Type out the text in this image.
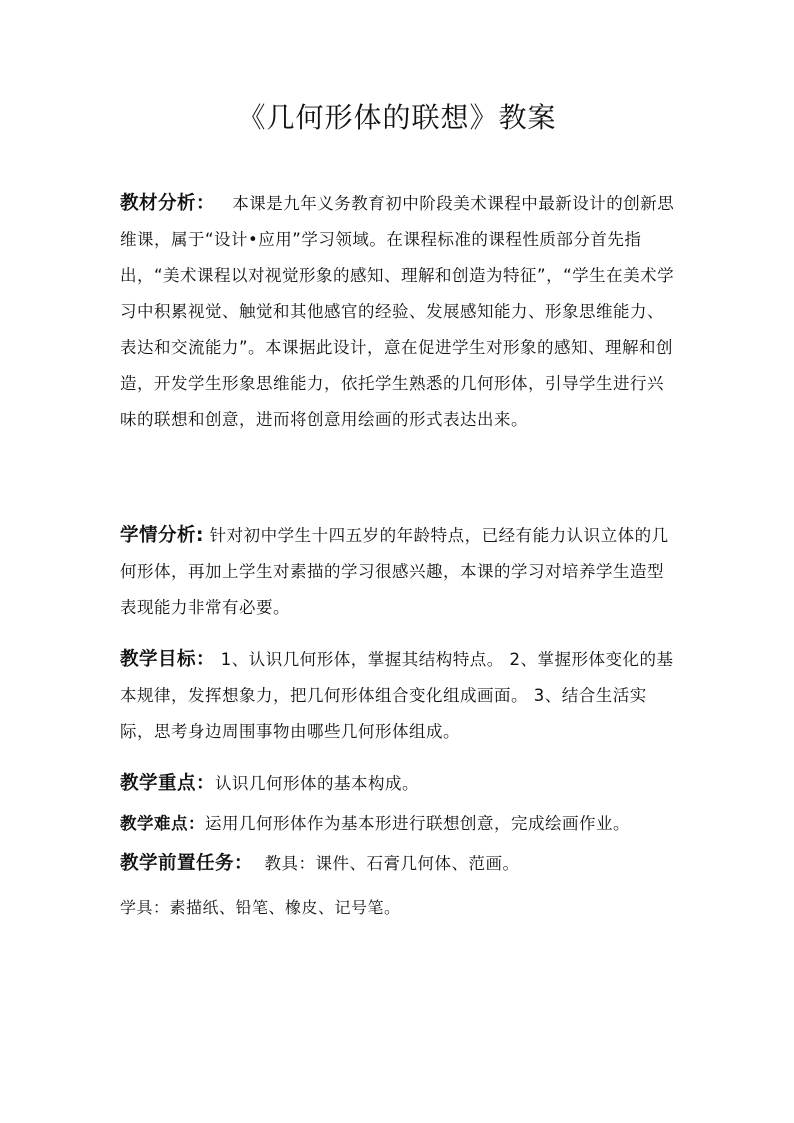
《几何形体的联想》教案

教材分析： 本课是九年义务教育初中阶段美术课程中最新设计的创新思维课，属于“设计•应用”学习领域。在课程标准的课程性质部分首先指出，“美术课程以对视觉形象的感知、理解和创造为特征”，“学生在美术学习中积累视觉、触觉和其他感官的经验、发展感知能力、形象思维能力、表达和交流能力”。本课据此设计，意在促进学生对形象的感知、理解和创造，开发学生形象思维能力，依托学生熟悉的几何形体，引导学生进行兴味的联想和创意，进而将创意用绘画的形式表达出来。

学情分析: 针对初中学生十四五岁的年龄特点，已经有能力认识立体的几何形体，再加上学生对素描的学习很感兴趣，本课的学习对培养学生造型表现能力非常有必要。

教学目标： 1、认识几何形体，掌握其结构特点。 2、掌握形体变化的基本规律，发挥想象力，把几何形体组合变化组成画面。 3、结合生活实际，思考身边周围事物由哪些几何形体组成。

教学重点：认识几何形体的基本构成。

教学难点：运用几何形体作为基本形进行联想创意，完成绘画作业。

教学前置任务： 教具：课件、石膏几何体、范画。

学具：素描纸、铅笔、橡皮、记号笔。
